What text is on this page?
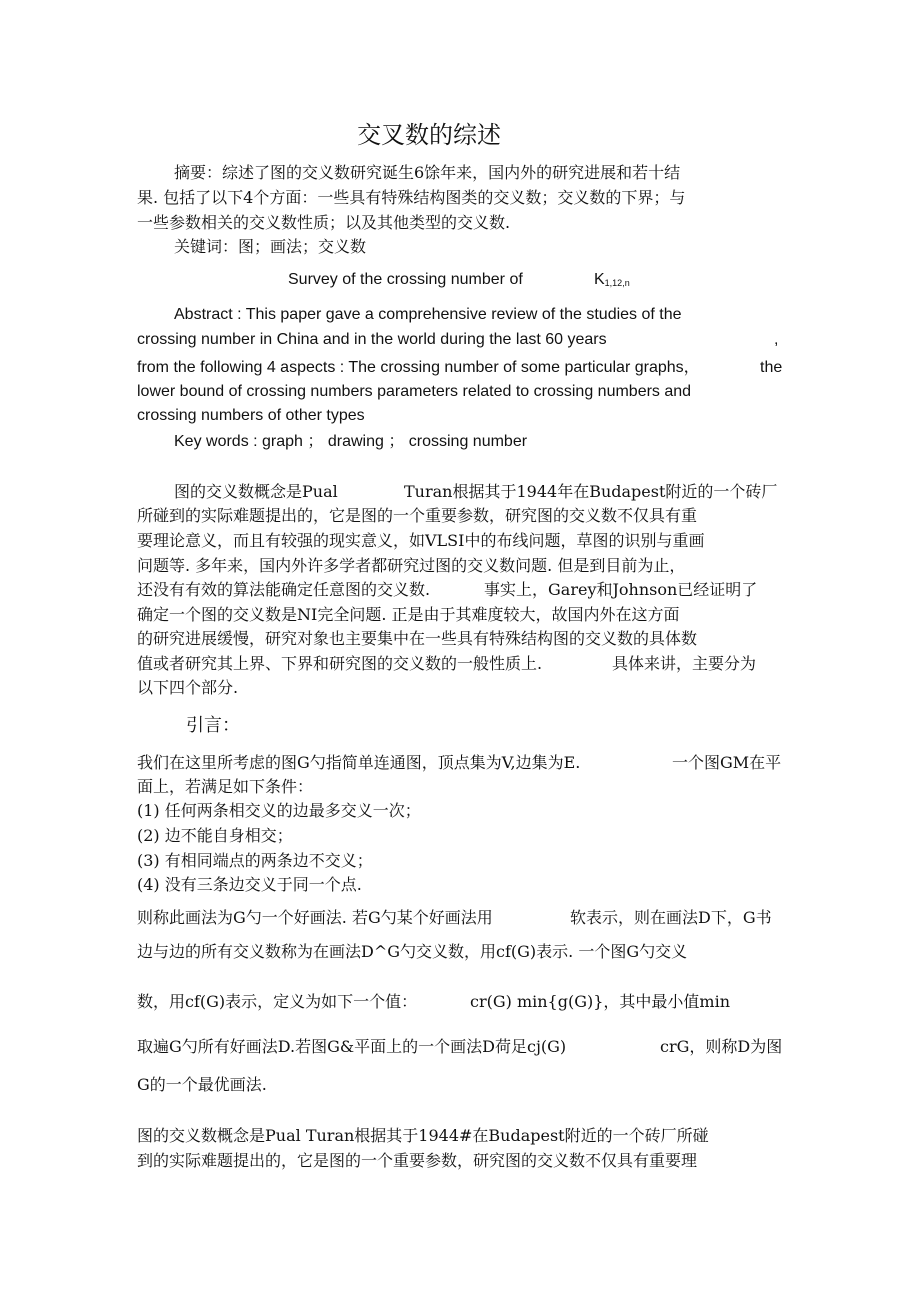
交叉数的综述
摘要：综述了图的交义数研究诞生6馀年来，国内外的研究进展和若十结
果. 包括了以下4个方面：一些具有特殊结构图类的交义数；交义数的下界；与
一些参数相关的交义数性质；以及其他类型的交义数.
关键词：图；画法；交义数
Survey of the crossing number of	$K_{1,12,n}$
Abstract : This paper gave a comprehensive review of the studies of the
crossing number in China and in the world during the last 60 years	,
from the following 4 aspects : The crossing number of some particular graphs，	the
lower bound of crossing numbers parameters related to crossing numbers and
crossing numbers of other types
Key words : graph ； drawing ； crossing number
图的交义数概念是Pual	Turan根据其于1944年在Budapest附近的一个砖厂
所碰到的实际难题提出的，它是图的一个重要参数，研究图的交义数不仅具有重
要理论意义，而且有较强的现实意义，如VLSI中的布线问题，草图的识别与重画
问题等. 多年来，国内外许多学者都研究过图的交义数问题. 但是到目前为止，
还没有有效的算法能确定任意图的交义数.	事实上，Garey和Johnson已经证明了
确定一个图的交义数是NI完全问题. 正是由于其难度较大，故国内外在这方面
的研究进展缓慢，研究对象也主要集中在一些具有特殊结构图的交义数的具体数
值或者研究其上界、下界和研究图的交义数的一般性质上.	具体来讲，主要分为
以下四个部分.
引言：
我们在这里所考虑的图G勺指简单连通图，顶点集为V,边集为E.	一个图GM在平
面上，若满足如下条件：
(1) 任何两条相交义的边最多交义一次；
(2) 边不能自身相交；
(3) 有相同端点的两条边不交义；
(4) 没有三条边交义于同一个点.
则称此画法为G勺一个好画法. 若G勺某个好画法用	软表示，则在画法D下，G书
边与边的所有交义数称为在画法D^G勺交义数，用cf(G)表示. 一个图G勺交义
数，用cf(G)表示，定义为如下一个值：	cr(G) min{g(G)}，其中最小值min
取遍G勺所有好画法D.若图G&平面上的一个画法D荷足cj(G)	crG，则称D为图
G的一个最优画法.
图的交义数概念是Pual Turan根据其于1944#在Budapest附近的一个砖厂所碰
到的实际难题提出的，它是图的一个重要参数，研究图的交义数不仅具有重要理
